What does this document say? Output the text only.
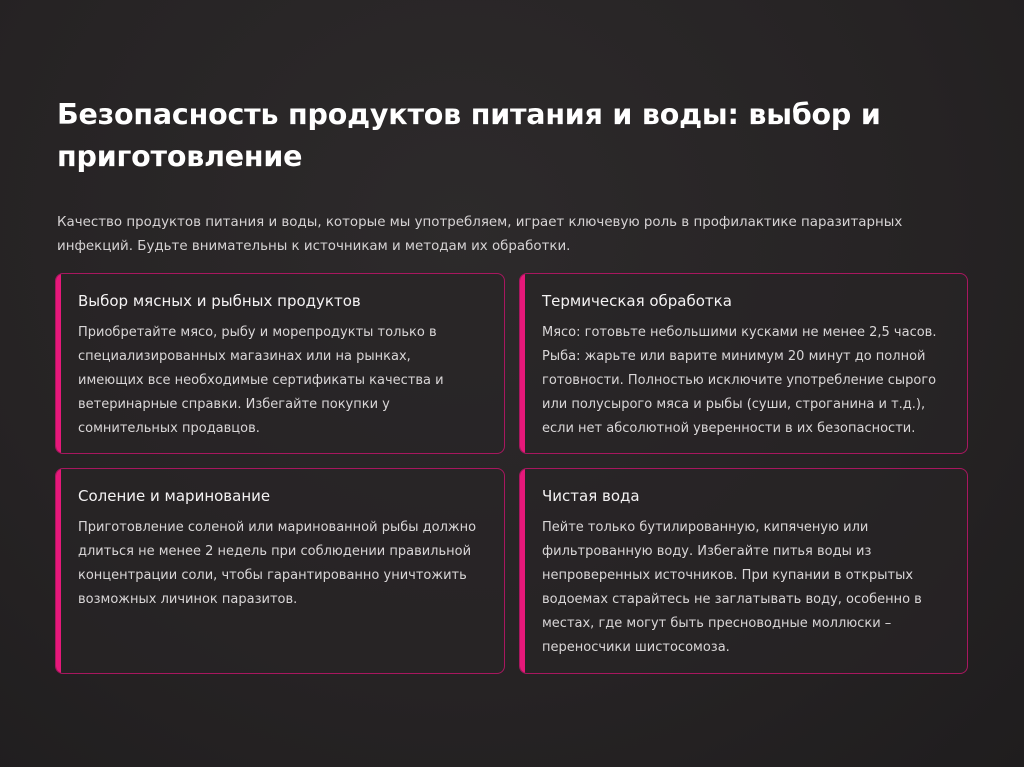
Безопасность продуктов питания и воды: выбор и приготовление

Качество продуктов питания и воды, которые мы употребляем, играет ключевую роль в профилактике паразитарных инфекций. Будьте внимательны к источникам и методам их обработки.

Выбор мясных и рыбных продуктов

Приобретайте мясо, рыбу и морепродукты только в специализированных магазинах или на рынках, имеющих все необходимые сертификаты качества и ветеринарные справки. Избегайте покупки у сомнительных продавцов.

Термическая обработка

Мясо: готовьте небольшими кусками не менее 2,5 часов. Рыба: жарьте или варите минимум 20 минут до полной готовности. Полностью исключите употребление сырого или полусырого мяса и рыбы (суши, строганина и т.д.), если нет абсолютной уверенности в их безопасности.

Соление и маринование

Приготовление соленой или маринованной рыбы должно длиться не менее 2 недель при соблюдении правильной концентрации соли, чтобы гарантированно уничтожить возможных личинок паразитов.

Чистая вода

Пейте только бутилированную, кипяченую или фильтрованную воду. Избегайте питья воды из непроверенных источников. При купании в открытых водоемах старайтесь не заглатывать воду, особенно в местах, где могут быть пресноводные моллюски – переносчики шистосомоза.
